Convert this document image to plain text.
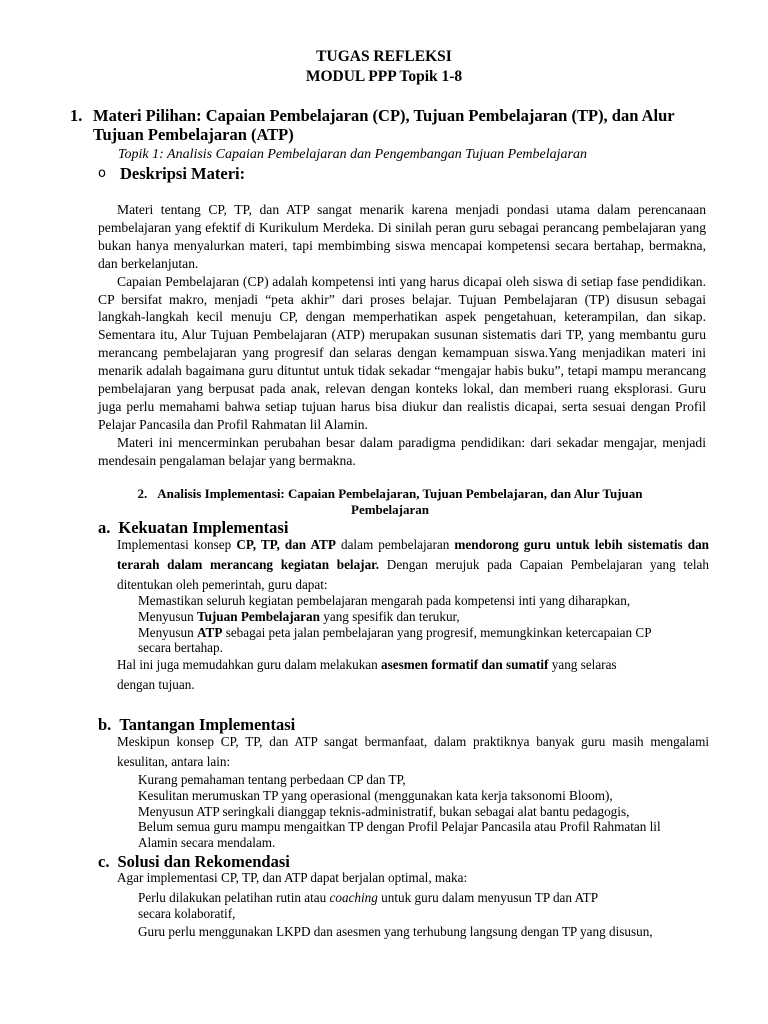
TUGAS REFLEKSI
MODUL PPP Topik 1-8
1. Materi Pilihan: Capaian Pembelajaran (CP), Tujuan Pembelajaran (TP), dan Alur
Tujuan Pembelajaran (ATP)
Topik 1: Analisis Capaian Pembelajaran dan Pengembangan Tujuan Pembelajaran
o Deskripsi Materi:

Materi tentang CP, TP, dan ATP sangat menarik karena menjadi pondasi utama dalam perencanaan pembelajaran yang efektif di Kurikulum Merdeka. Di sinilah peran guru sebagai perancang pembelajaran yang bukan hanya menyalurkan materi, tapi membimbing siswa mencapai kompetensi secara bertahap, bermakna, dan berkelanjutan.

Capaian Pembelajaran (CP) adalah kompetensi inti yang harus dicapai oleh siswa di setiap fase pendidikan. CP bersifat makro, menjadi “peta akhir” dari proses belajar. Tujuan Pembelajaran (TP) disusun sebagai langkah-langkah kecil menuju CP, dengan memperhatikan aspek pengetahuan, keterampilan, dan sikap. Sementara itu, Alur Tujuan Pembelajaran (ATP) merupakan susunan sistematis dari TP, yang membantu guru merancang pembelajaran yang progresif dan selaras dengan kemampuan siswa.Yang menjadikan materi ini menarik adalah bagaimana guru dituntut untuk tidak sekadar “mengajar habis buku”, tetapi mampu merancang pembelajaran yang berpusat pada anak, relevan dengan konteks lokal, dan memberi ruang eksplorasi. Guru juga perlu memahami bahwa setiap tujuan harus bisa diukur dan realistis dicapai, serta sesuai dengan Profil Pelajar Pancasila dan Profil Rahmatan lil Alamin.

Materi ini mencerminkan perubahan besar dalam paradigma pendidikan: dari sekadar mengajar, menjadi mendesain pengalaman belajar yang bermakna.

2. Analisis Implementasi: Capaian Pembelajaran, Tujuan Pembelajaran, dan Alur Tujuan
Pembelajaran
a. Kekuatan Implementasi
Implementasi konsep CP, TP, dan ATP dalam pembelajaran mendorong guru untuk lebih sistematis dan terarah dalam merancang kegiatan belajar. Dengan merujuk pada Capaian Pembelajaran yang telah ditentukan oleh pemerintah, guru dapat:
Memastikan seluruh kegiatan pembelajaran mengarah pada kompetensi inti yang diharapkan,
Menyusun Tujuan Pembelajaran yang spesifik dan terukur,
Menyusun ATP sebagai peta jalan pembelajaran yang progresif, memungkinkan ketercapaian CP
secara bertahap.
Hal ini juga memudahkan guru dalam melakukan asesmen formatif dan sumatif yang selaras
dengan tujuan.
b. Tantangan Implementasi
Meskipun konsep CP, TP, dan ATP sangat bermanfaat, dalam praktiknya banyak guru masih mengalami kesulitan, antara lain:
Kurang pemahaman tentang perbedaan CP dan TP,
Kesulitan merumuskan TP yang operasional (menggunakan kata kerja taksonomi Bloom),
Menyusun ATP seringkali dianggap teknis-administratif, bukan sebagai alat bantu pedagogis,
Belum semua guru mampu mengaitkan TP dengan Profil Pelajar Pancasila atau Profil Rahmatan lil
Alamin secara mendalam.
c. Solusi dan Rekomendasi
Agar implementasi CP, TP, dan ATP dapat berjalan optimal, maka:
Perlu dilakukan pelatihan rutin atau coaching untuk guru dalam menyusun TP dan ATP
secara kolaboratif,
Guru perlu menggunakan LKPD dan asesmen yang terhubung langsung dengan TP yang disusun,
